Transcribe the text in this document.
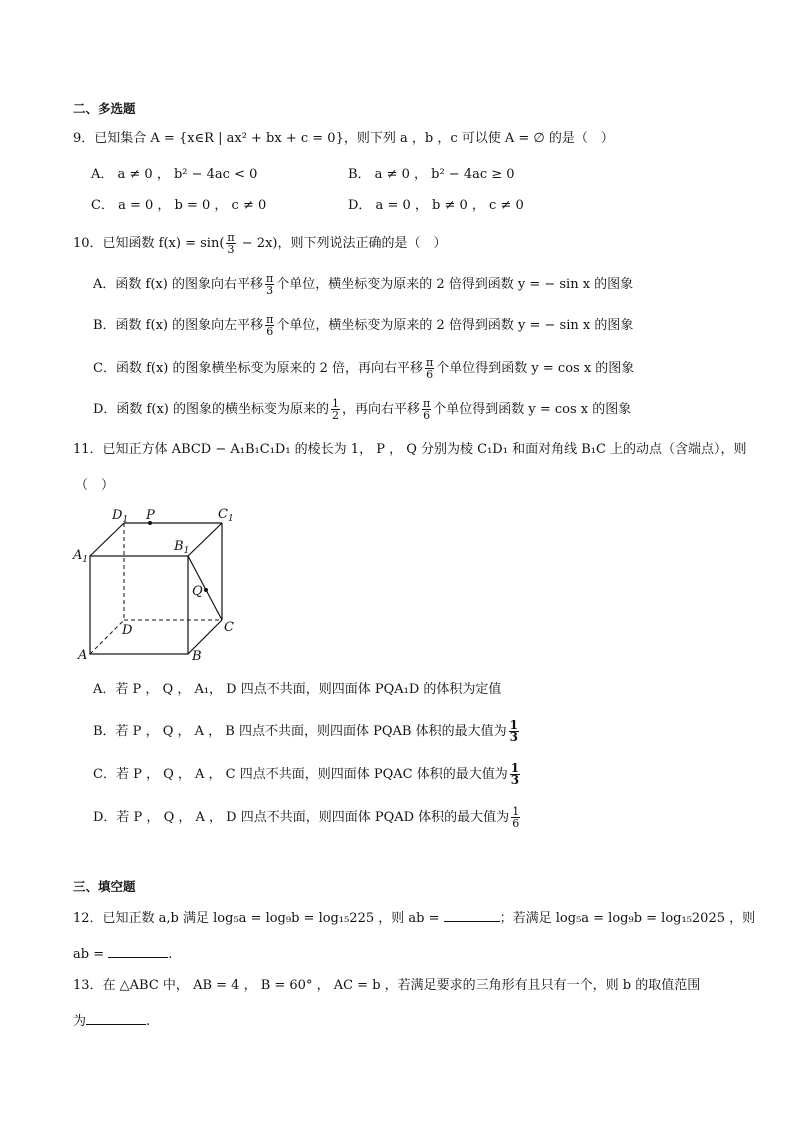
二、多选题
9．已知集合 A = {x∈R | ax² + bx + c = 0}，则下列 a ，b ，c 可以使 A = ∅ 的是（　）
A． a ≠ 0 ， b² − 4ac < 0	B． a ≠ 0 ， b² − 4ac ≥ 0
C． a = 0 ， b = 0 ， c ≠ 0	D． a = 0 ， b ≠ 0 ， c ≠ 0
10．已知函数 $f(x) = \sin( \frac{\pi}{3} - 2x)$，则下列说法正确的是（　）
A．函数 f(x) 的图象向右平移 $\frac{\pi}{3}$ 个单位，横坐标变为原来的 2 倍得到函数 y = − sin x 的图象
B．函数 f(x) 的图象向左平移 $\frac{\pi}{6}$ 个单位，横坐标变为原来的 2 倍得到函数 y = − sin x 的图象
C．函数 f(x) 的图象横坐标变为原来的 2 倍，再向右平移 $\frac{\pi}{6}$ 个单位得到函数 y = cos x 的图象
D．函数 f(x) 的图象的横坐标变为原来的 $\frac{1}{2}$ ，再向右平移 $\frac{\pi}{6}$ 个单位得到函数 y = cos x 的图象
11．已知正方体 ABCD − A₁B₁C₁D₁ 的棱长为 1， P ， Q 分别为棱 C₁D₁ 和面对角线 B₁C 上的动点（含端点），则
（　）
$D_1$ P	$C_1$
$A_1$
$B_1$
Q
D	C
A	B
A．若 P ， Q ， A₁， D 四点不共面，则四面体 PQA₁D 的体积为定值
B．若 P ， Q ， A ， B 四点不共面，则四面体 PQAB 体积的最大值为 $\frac{1}{3}$
C．若 P ， Q ， A ， C 四点不共面，则四面体 PQAC 体积的最大值为 $\frac{1}{3}$
D．若 P ， Q ， A ， D 四点不共面，则四面体 PQAD 体积的最大值为 $\frac{1}{6}$
三、填空题
12．已知正数 a,b 满足 log₅a = log₉b = log₁₅225 ，则 ab =	；若满足 log₅a = log₉b = log₁₅2025 ，则
ab =	.
13．在 △ABC 中， AB = 4 ， B = 60° ， AC = b ，若满足要求的三角形有且只有一个，则 b 的取值范围
为	.
